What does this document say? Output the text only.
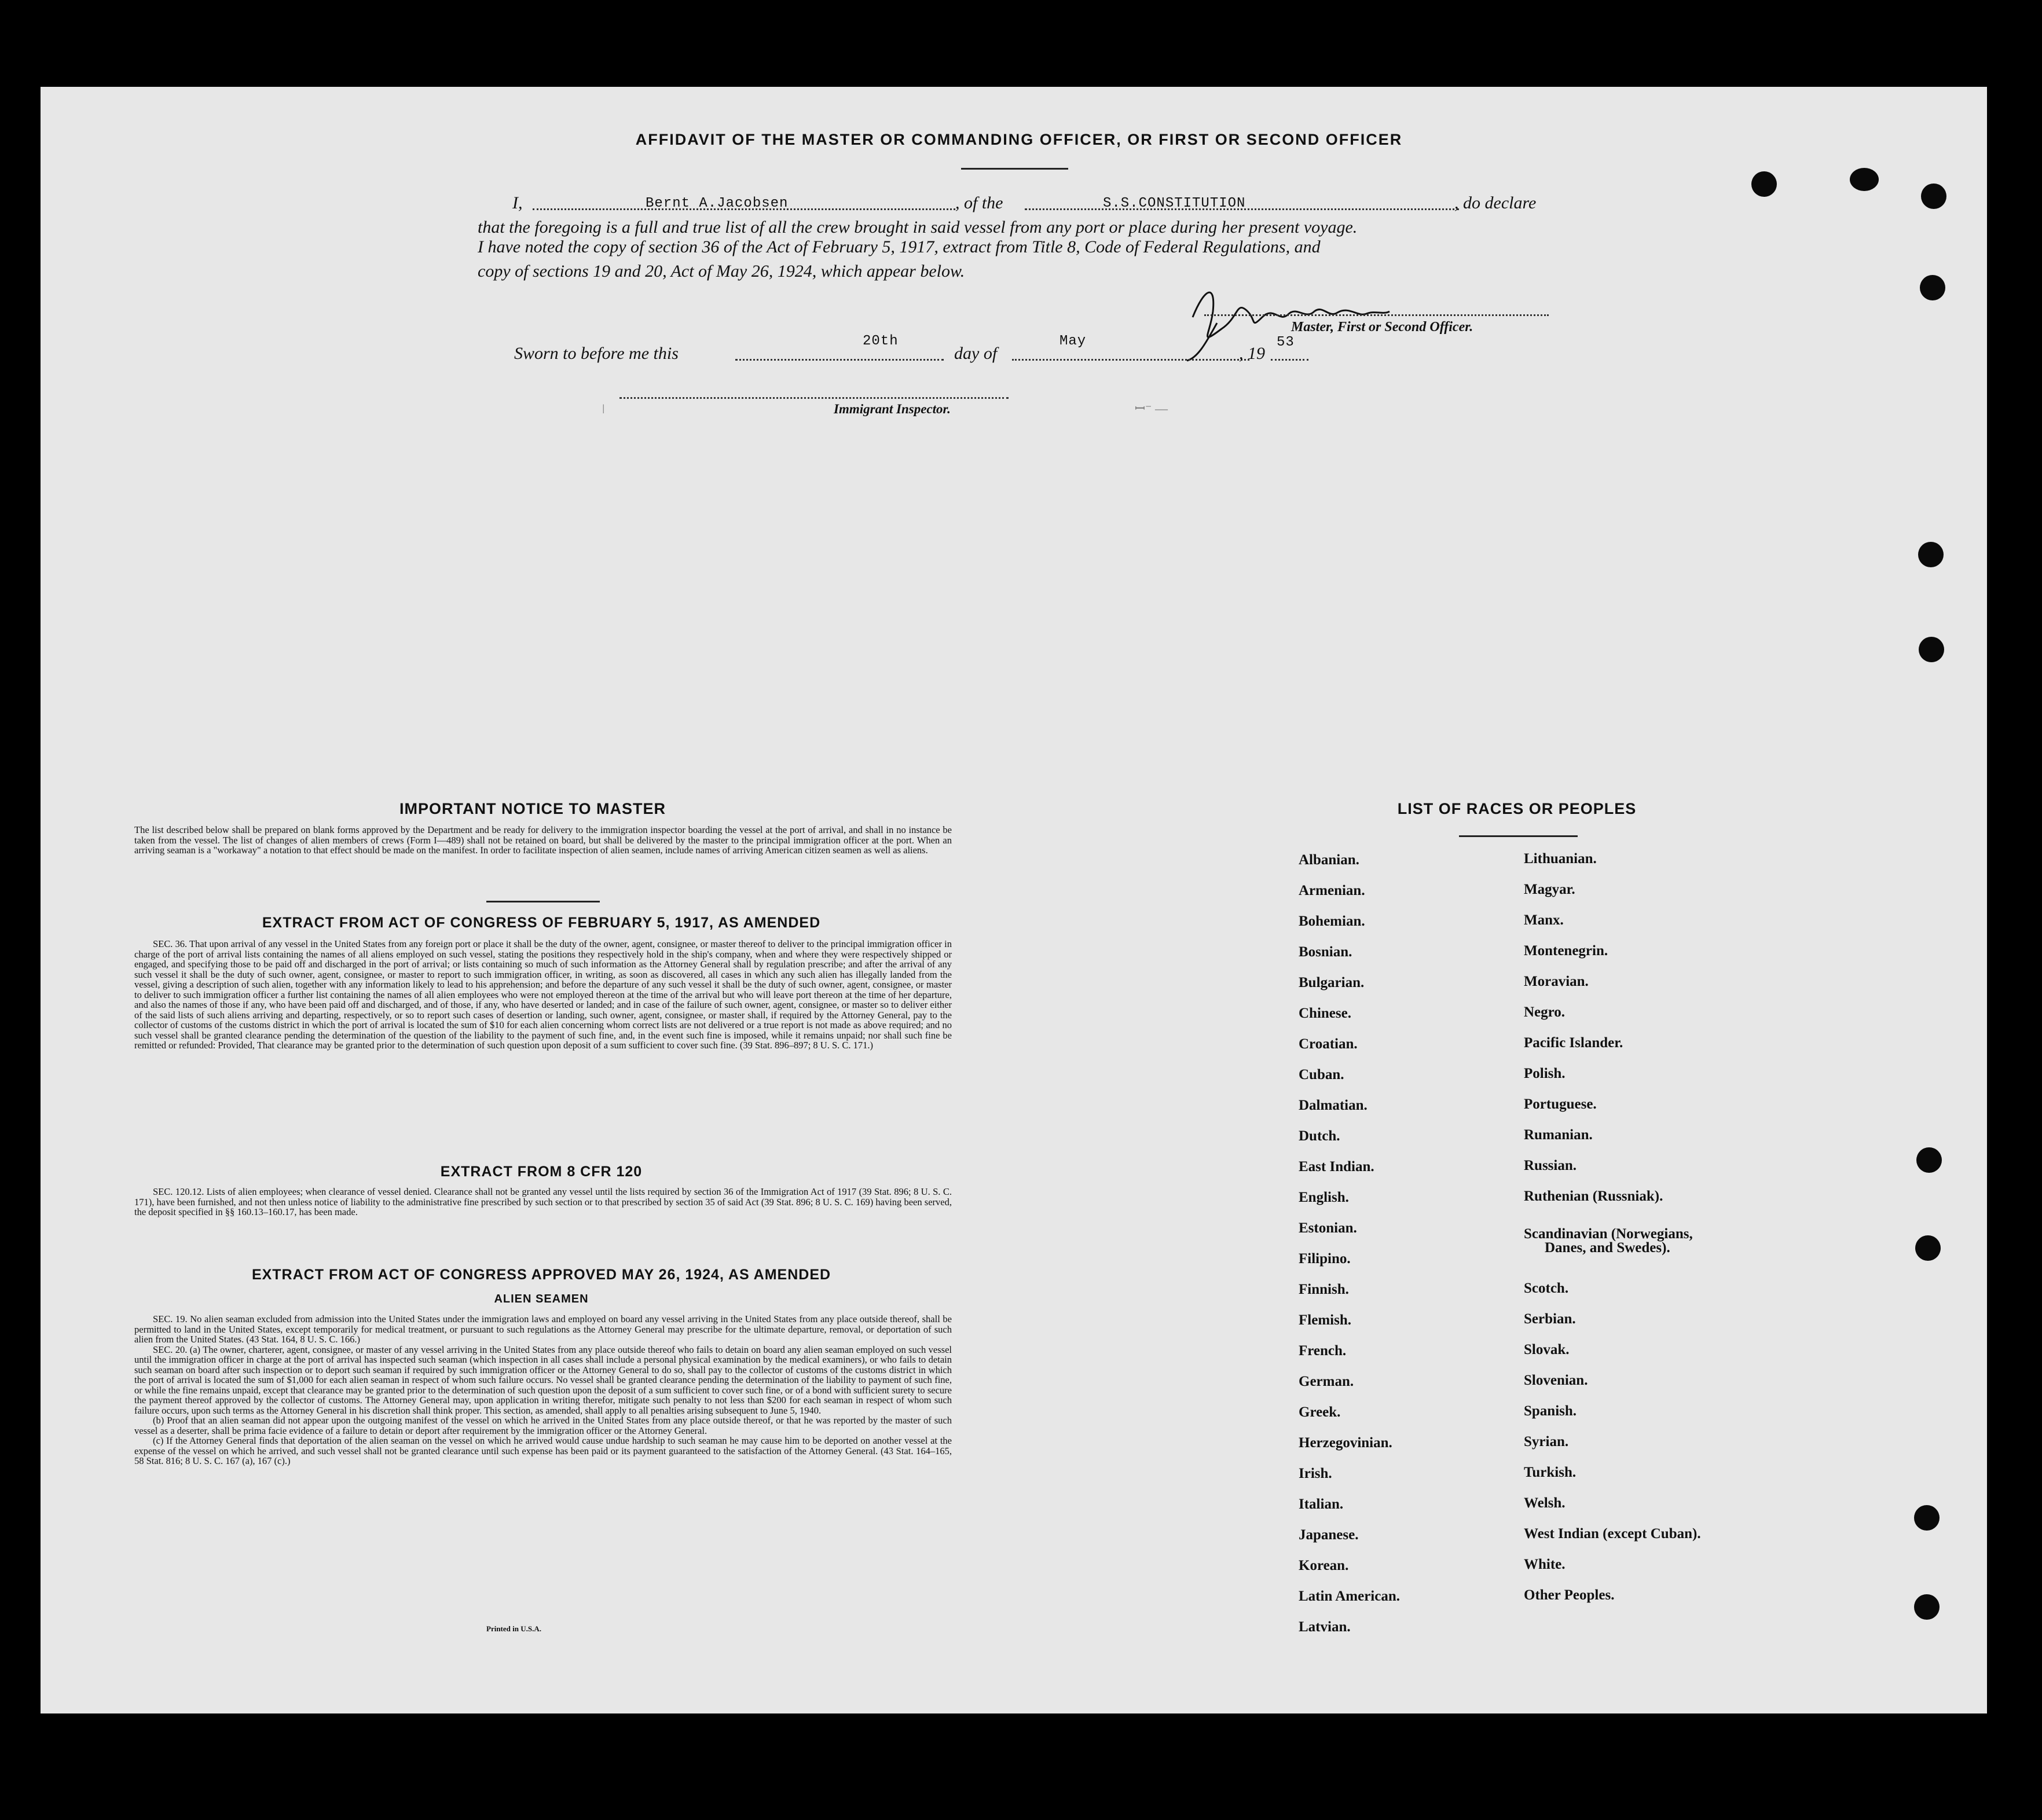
AFFIDAVIT OF THE MASTER OR COMMANDING OFFICER, OR FIRST OR SECOND OFFICER
I,	Bernt A.Jacobsen	, of the	S.S.CONSTITUTION	, do declare
that the foregoing is a full and true list of all the crew brought in said vessel from any port or place during her present voyage.
I have noted the copy of section 36 of the Act of February 5, 1917, extract from Title 8, Code of Federal Regulations, and
copy of sections 19 and 20, Act of May 26, 1924, which appear below.
Master, First or Second Officer.
Sworn to before me this
20th
day of
May
, 19
53
Immigrant Inspector.
IMPORTANT NOTICE TO MASTER
The list described below shall be prepared on blank forms approved by the Department and be ready for delivery to the immigration inspector boarding the vessel at the port of arrival, and shall in no instance be taken from the vessel. The list of changes of alien members of crews (Form I—489) shall not be retained on board, but shall be delivered by the master to the principal immigration officer at the port. When an arriving seaman is a "workaway" a notation to that effect should be made on the manifest. In order to facilitate inspection of alien seamen, include names of arriving American citizen seamen as well as aliens.
EXTRACT FROM ACT OF CONGRESS OF FEBRUARY 5, 1917, AS AMENDED
SEC. 36. That upon arrival of any vessel in the United States from any foreign port or place it shall be the duty of the owner, agent, consignee, or master thereof to deliver to the principal immigration officer in charge of the port of arrival lists containing the names of all aliens employed on such vessel, stating the positions they respectively hold in the ship's company, when and where they were respectively shipped or engaged, and specifying those to be paid off and discharged in the port of arrival; or lists containing so much of such information as the Attorney General shall by regulation prescribe; and after the arrival of any such vessel it shall be the duty of such owner, agent, consignee, or master to report to such immigration officer, in writing, as soon as discovered, all cases in which any such alien has illegally landed from the vessel, giving a description of such alien, together with any information likely to lead to his apprehension; and before the departure of any such vessel it shall be the duty of such owner, agent, consignee, or master to deliver to such immigration officer a further list containing the names of all alien employees who were not employed thereon at the time of the arrival but who will leave port thereon at the time of her departure, and also the names of those if any, who have been paid off and discharged, and of those, if any, who have deserted or landed; and in case of the failure of such owner, agent, consignee, or master so to deliver either of the said lists of such aliens arriving and departing, respectively, or so to report such cases of desertion or landing, such owner, agent, consignee, or master shall, if required by the Attorney General, pay to the collector of customs of the customs district in which the port of arrival is located the sum of $10 for each alien concerning whom correct lists are not delivered or a true report is not made as above required; and no such vessel shall be granted clearance pending the determination of the question of the liability to the payment of such fine, and, in the event such fine is imposed, while it remains unpaid; nor shall such fine be remitted or refunded: Provided, That clearance may be granted prior to the determination of such question upon deposit of a sum sufficient to cover such fine. (39 Stat. 896–897; 8 U. S. C. 171.)
EXTRACT FROM 8 CFR 120
SEC. 120.12. Lists of alien employees; when clearance of vessel denied. Clearance shall not be granted any vessel until the lists required by section 36 of the Immigration Act of 1917 (39 Stat. 896; 8 U. S. C. 171), have been furnished, and not then unless notice of liability to the administrative fine prescribed by such section or to that prescribed by section 35 of said Act (39 Stat. 896; 8 U. S. C. 169) having been served, the deposit specified in §§ 160.13–160.17, has been made.
EXTRACT FROM ACT OF CONGRESS APPROVED MAY 26, 1924, AS AMENDED
ALIEN SEAMEN

SEC. 19. No alien seaman excluded from admission into the United States under the immigration laws and employed on board any vessel arriving in the United States from any place outside thereof, shall be permitted to land in the United States, except temporarily for medical treatment, or pursuant to such regulations as the Attorney General may prescribe for the ultimate departure, removal, or deportation of such alien from the United States. (43 Stat. 164, 8 U. S. C. 166.)

SEC. 20. (a) The owner, charterer, agent, consignee, or master of any vessel arriving in the United States from any place outside thereof who fails to detain on board any alien seaman employed on such vessel until the immigration officer in charge at the port of arrival has inspected such seaman (which inspection in all cases shall include a personal physical examination by the medical examiners), or who fails to detain such seaman on board after such inspection or to deport such seaman if required by such immigration officer or the Attorney General to do so, shall pay to the collector of customs of the customs district in which the port of arrival is located the sum of $1,000 for each alien seaman in respect of whom such failure occurs. No vessel shall be granted clearance pending the determination of the liability to payment of such fine, or while the fine remains unpaid, except that clearance may be granted prior to the determination of such question upon the deposit of a sum sufficient to cover such fine, or of a bond with sufficient surety to secure the payment thereof approved by the collector of customs. The Attorney General may, upon application in writing therefor, mitigate such penalty to not less than $200 for each seaman in respect of whom such failure occurs, upon such terms as the Attorney General in his discretion shall think proper. This section, as amended, shall apply to all penalties arising subsequent to June 5, 1940.

(b) Proof that an alien seaman did not appear upon the outgoing manifest of the vessel on which he arrived in the United States from any place outside thereof, or that he was reported by the master of such vessel as a deserter, shall be prima facie evidence of a failure to detain or deport after requirement by the immigration officer or the Attorney General.

(c) If the Attorney General finds that deportation of the alien seaman on the vessel on which he arrived would cause undue hardship to such seaman he may cause him to be deported on another vessel at the expense of the vessel on which he arrived, and such vessel shall not be granted clearance until such expense has been paid or its payment guaranteed to the satisfaction of the Attorney General. (43 Stat. 164–165, 58 Stat. 816; 8 U. S. C. 167 (a), 167 (c).)

Printed in U.S.A.
LIST OF RACES OR PEOPLES
Albanian.
Armenian.
Bohemian.
Bosnian.
Bulgarian.
Chinese.
Croatian.
Cuban.
Dalmatian.
Dutch.
East Indian.
English.
Estonian.
Filipino.
Finnish.
Flemish.
French.
German.
Greek.
Herzegovinian.
Irish.
Italian.
Japanese.
Korean.
Latin American.
Latvian.
Lithuanian.
Magyar.
Manx.
Montenegrin.
Moravian.
Negro.
Pacific Islander.
Polish.
Portuguese.
Rumanian.
Russian.
Ruthenian (Russniak).
Scandinavian (Norwegians,
Danes, and Swedes).
Scotch.
Serbian.
Slovak.
Slovenian.
Spanish.
Syrian.
Turkish.
Welsh.
West Indian (except Cuban).
White.
Other Peoples.
ꟷ⁻ —
ǀ
